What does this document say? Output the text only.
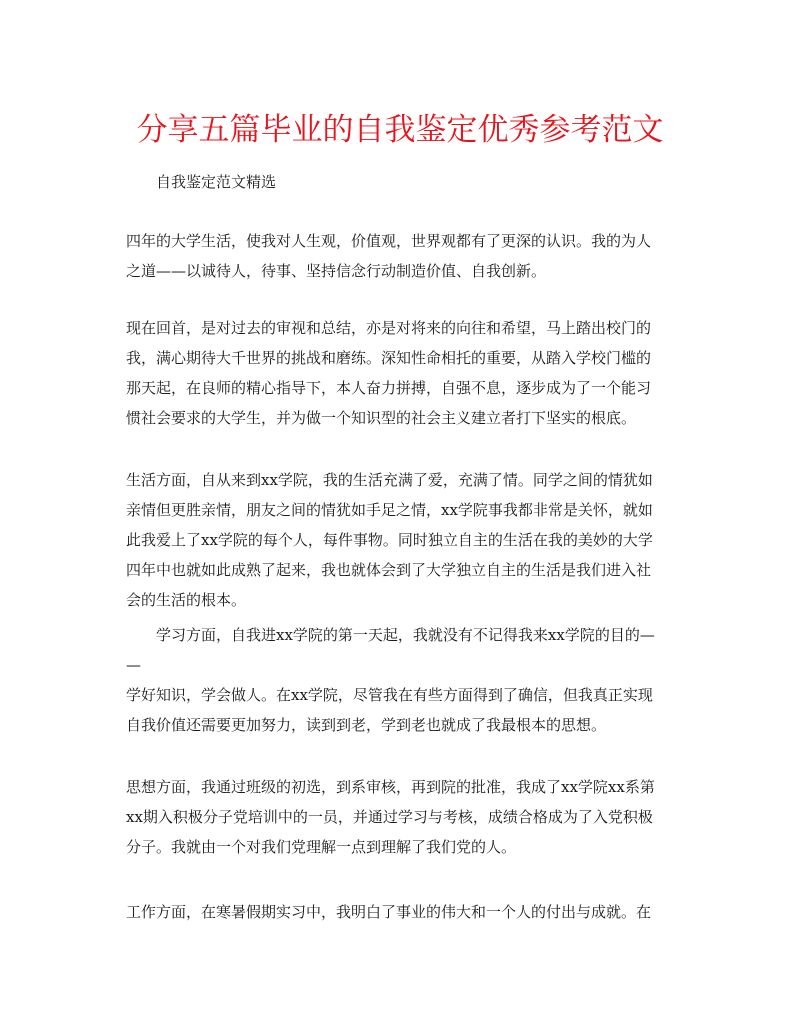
分享五篇毕业的自我鉴定优秀参考范文
自我鉴定范文精选
四年的大学生活，使我对人生观，价值观，世界观都有了更深的认识。我的为人
之道——以诚待人，待事、坚持信念行动制造价值、自我创新。
现在回首，是对过去的审视和总结，亦是对将来的向往和希望，马上踏出校门的
我，满心期待大千世界的挑战和磨练。深知性命相托的重要，从踏入学校门槛的
那天起，在良师的精心指导下，本人奋力拼搏，自强不息，逐步成为了一个能习
惯社会要求的大学生，并为做一个知识型的社会主义建立者打下坚实的根底。
生活方面，自从来到xx学院，我的生活充满了爱，充满了情。同学之间的情犹如
亲情但更胜亲情，朋友之间的情犹如手足之情，xx学院事我都非常是关怀，就如
此我爱上了xx学院的每个人，每件事物。同时独立自主的生活在我的美妙的大学
四年中也就如此成熟了起来，我也就体会到了大学独立自主的生活是我们进入社
会的生活的根本。
学习方面，自我进xx学院的第一天起，我就没有不记得我来xx学院的目的—
—
学好知识，学会做人。在xx学院，尽管我在有些方面得到了确信，但我真正实现
自我价值还需要更加努力，读到到老，学到老也就成了我最根本的思想。
思想方面，我通过班级的初选，到系审核，再到院的批准，我成了xx学院xx系第
xx期入积极分子党培训中的一员，并通过学习与考核，成绩合格成为了入党积极
分子。我就由一个对我们党理解一点到理解了我们党的人。
工作方面，在寒暑假期实习中，我明白了事业的伟大和一个人的付出与成就。在
